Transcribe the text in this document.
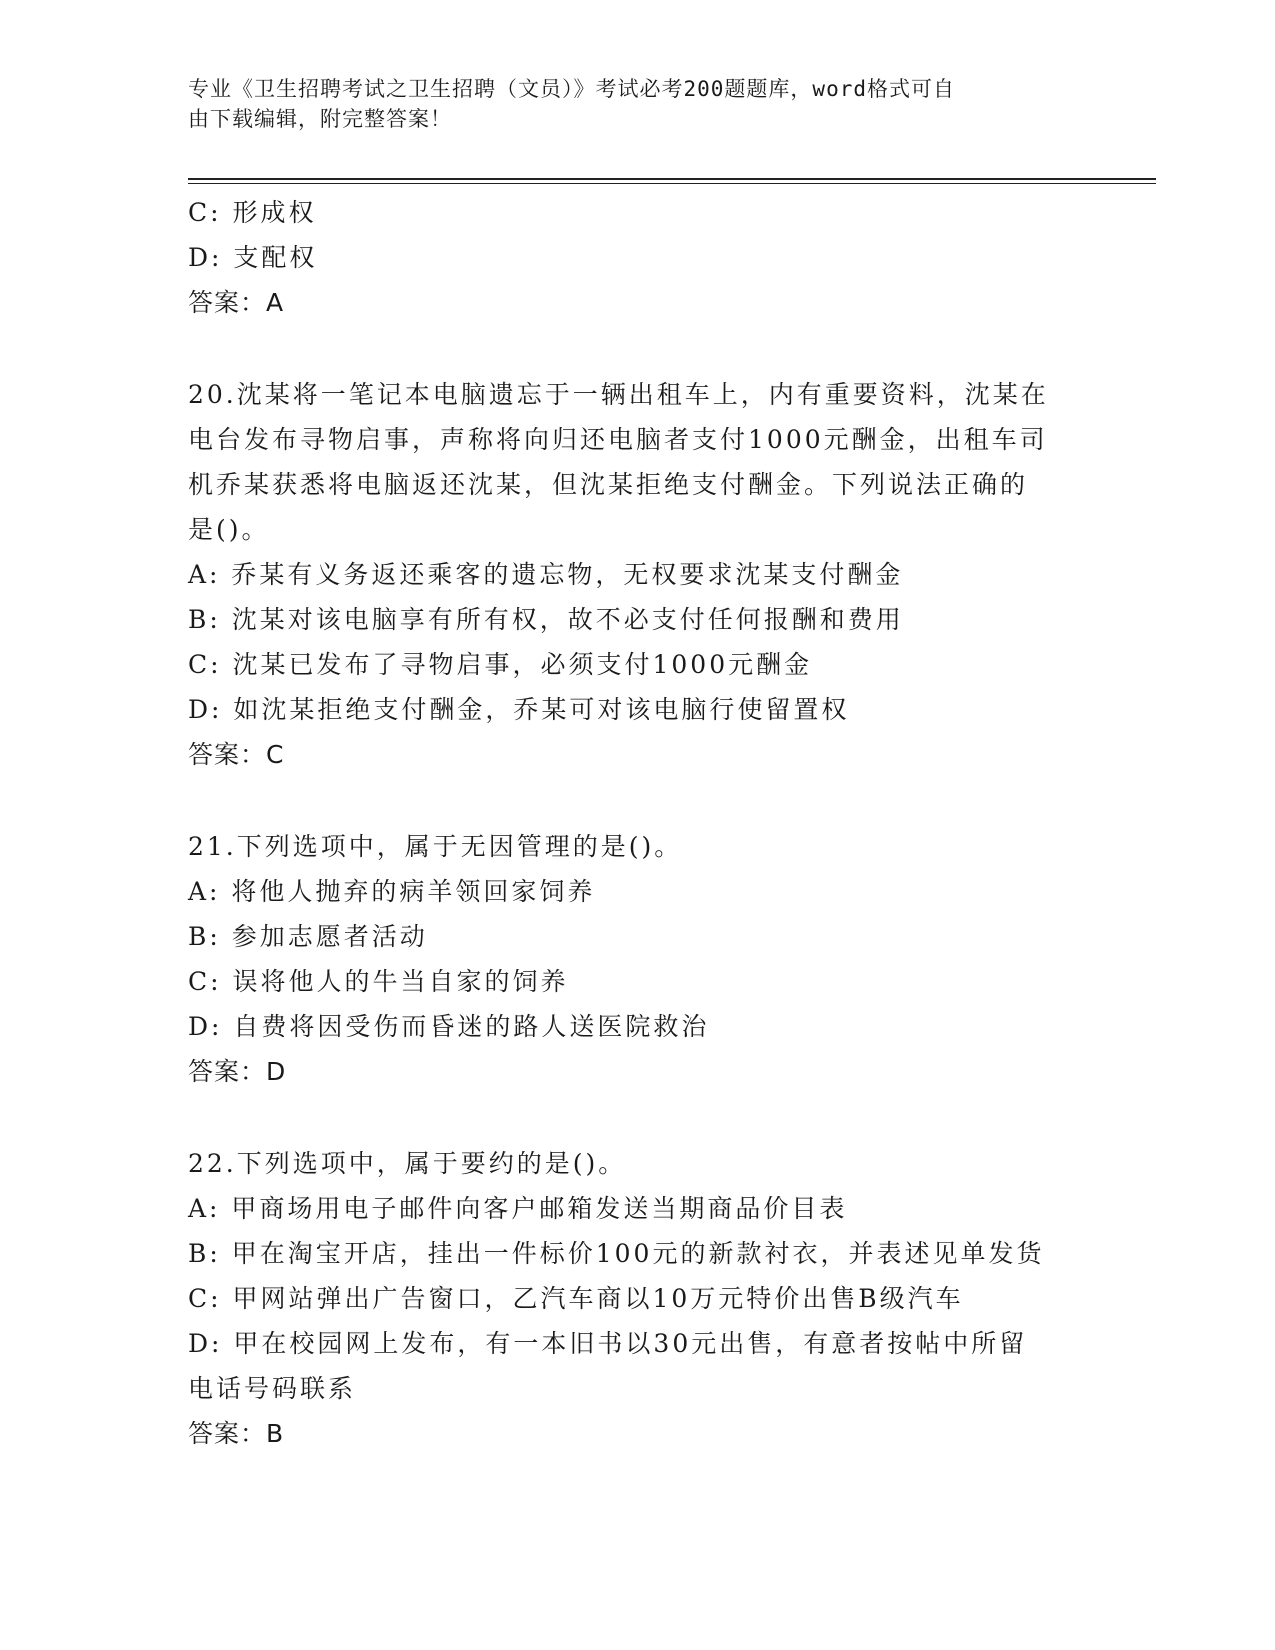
专业《卫生招聘考试之卫生招聘（文员）》考试必考200题题库，word格式可自
由下载编辑，附完整答案！
C: 形成权
D: 支配权
答案：A
20.沈某将一笔记本电脑遗忘于一辆出租车上，内有重要资料，沈某在
电台发布寻物启事，声称将向归还电脑者支付1000元酬金，出租车司
机乔某获悉将电脑返还沈某，但沈某拒绝支付酬金。下列说法正确的
是()。
A: 乔某有义务返还乘客的遗忘物，无权要求沈某支付酬金
B: 沈某对该电脑享有所有权，故不必支付任何报酬和费用
C: 沈某已发布了寻物启事，必须支付1000元酬金
D: 如沈某拒绝支付酬金，乔某可对该电脑行使留置权
答案：C
21.下列选项中，属于无因管理的是()。
A: 将他人抛弃的病羊领回家饲养
B: 参加志愿者活动
C: 误将他人的牛当自家的饲养
D: 自费将因受伤而昏迷的路人送医院救治
答案：D
22.下列选项中，属于要约的是()。
A: 甲商场用电子邮件向客户邮箱发送当期商品价目表
B: 甲在淘宝开店，挂出一件标价100元的新款衬衣，并表述见单发货
C: 甲网站弹出广告窗口，乙汽车商以10万元特价出售B级汽车
D: 甲在校园网上发布，有一本旧书以30元出售，有意者按帖中所留
电话号码联系
答案：B
